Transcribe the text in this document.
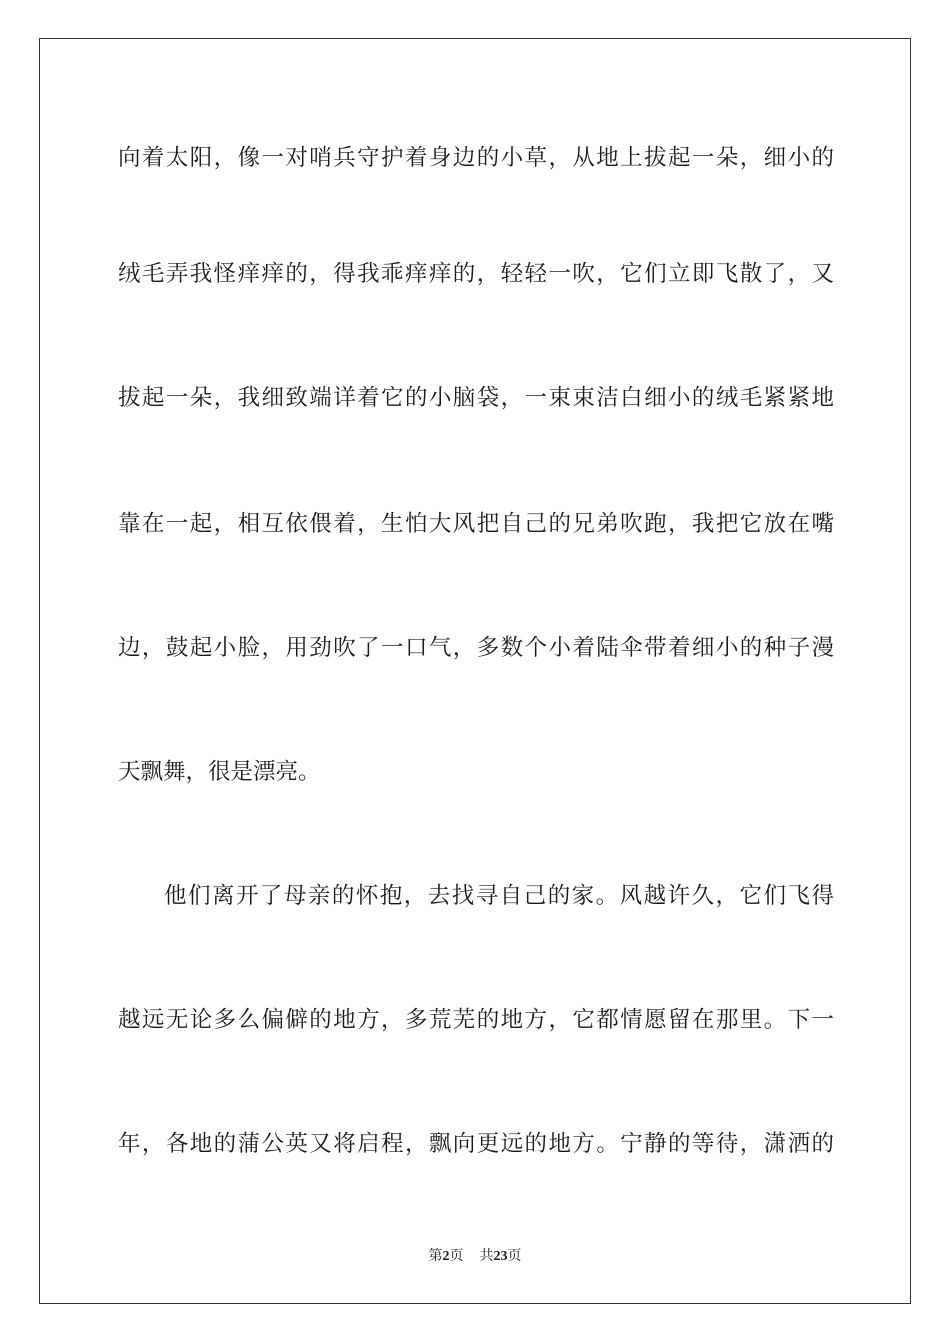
向着太阳，像一对哨兵守护着身边的小草，从地上拔起一朵，细小的
绒毛弄我怪痒痒的，得我乖痒痒的，轻轻一吹，它们立即飞散了，又
拔起一朵，我细致端详着它的小脑袋，一束束洁白细小的绒毛紧紧地
靠在一起，相互依偎着，生怕大风把自己的兄弟吹跑，我把它放在嘴
边，鼓起小脸，用劲吹了一口气，多数个小着陆伞带着细小的种子漫
天飘舞，很是漂亮。
他们离开了母亲的怀抱，去找寻自己的家。风越许久，它们飞得
越远无论多么偏僻的地方，多荒芜的地方，它都情愿留在那里。下一
年，各地的蒲公英又将启程，飘向更远的地方。宁静的等待，潇洒的
第2页 共23页
